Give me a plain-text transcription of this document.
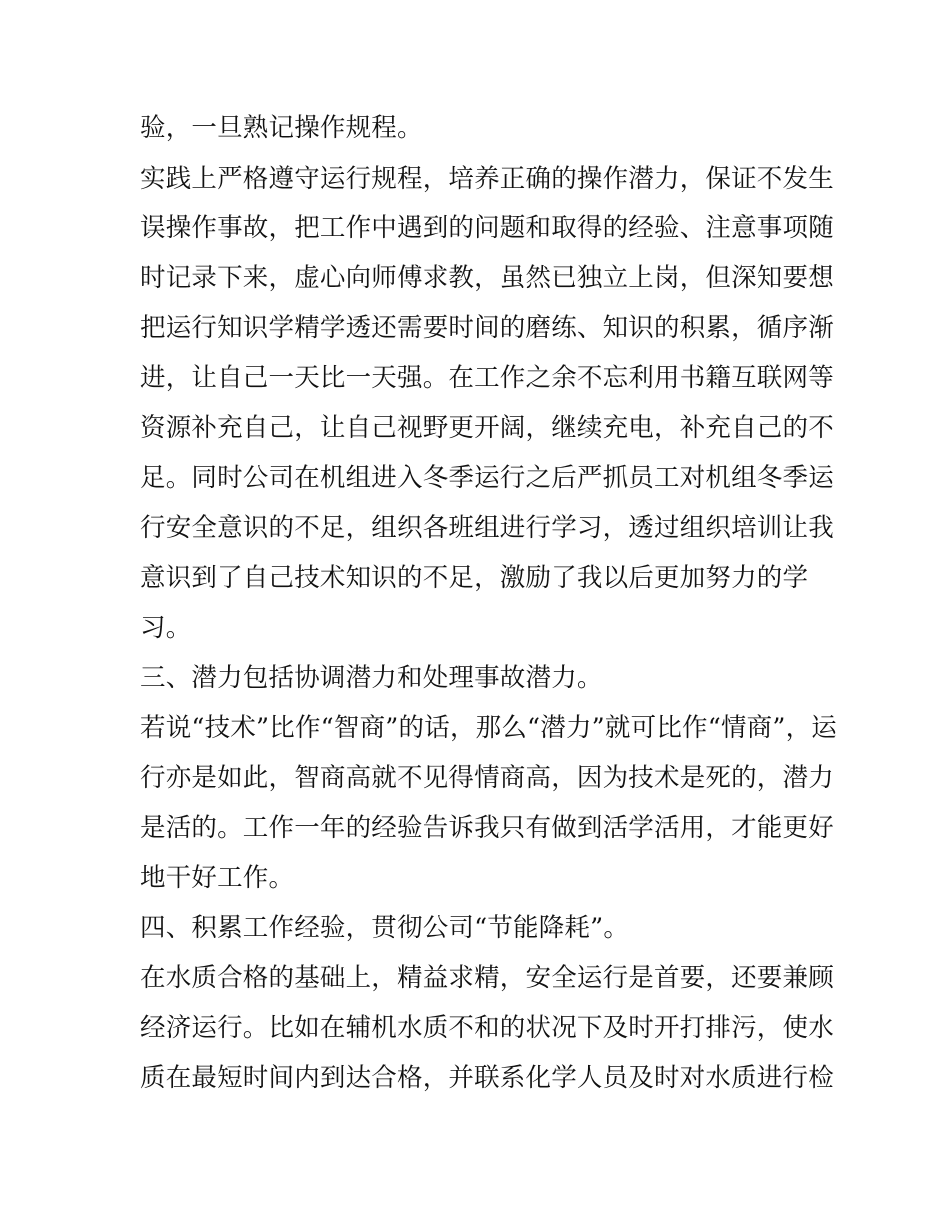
验，一旦熟记操作规程。
实践上严格遵守运行规程，培养正确的操作潜力，保证不发生
误操作事故，把工作中遇到的问题和取得的经验、注意事项随
时记录下来，虚心向师傅求教，虽然已独立上岗，但深知要想
把运行知识学精学透还需要时间的磨练、知识的积累，循序渐
进，让自己一天比一天强。在工作之余不忘利用书籍互联网等
资源补充自己，让自己视野更开阔，继续充电，补充自己的不
足。同时公司在机组进入冬季运行之后严抓员工对机组冬季运
行安全意识的不足，组织各班组进行学习，透过组织培训让我
意识到了自己技术知识的不足，激励了我以后更加努力的学
习。
三、潜力包括协调潜力和处理事故潜力。
若说“技术”比作“智商”的话，那么“潜力”就可比作“情商”，运
行亦是如此，智商高就不见得情商高，因为技术是死的，潜力
是活的。工作一年的经验告诉我只有做到活学活用，才能更好
地干好工作。
四、积累工作经验，贯彻公司“节能降耗”。
在水质合格的基础上，精益求精，安全运行是首要，还要兼顾
经济运行。比如在辅机水质不和的状况下及时开打排污，使水
质在最短时间内到达合格，并联系化学人员及时对水质进行检
